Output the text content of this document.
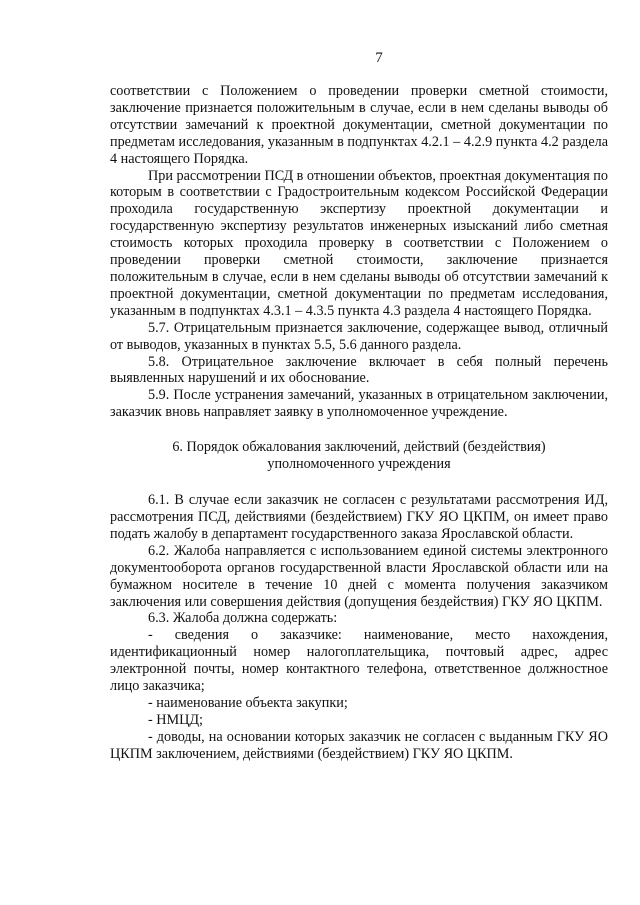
7

соответствии с Положением о проведении проверки сметной стоимости, заключение признается положительным в случае, если в нем сделаны выводы об отсутствии замечаний к проектной документации, сметной документации по предметам исследования, указанным в подпунктах 4.2.1 – 4.2.9 пункта 4.2 раздела 4 настоящего Порядка.

При рассмотрении ПСД в отношении объектов, проектная документация по которым в соответствии с Градостроительным кодексом Российской Федерации проходила государственную экспертизу проектной документации и государственную экспертизу результатов инженерных изысканий либо сметная стоимость которых проходила проверку в соответствии с Положением о проведении проверки сметной стоимости, заключение признается положительным в случае, если в нем сделаны выводы об отсутствии замечаний к проектной документации, сметной документации по предметам исследования, указанным в подпунктах 4.3.1 – 4.3.5 пункта 4.3 раздела 4 настоящего Порядка.

5.7. Отрицательным признается заключение, содержащее вывод, отличный от выводов, указанных в пунктах 5.5, 5.6 данного раздела.

5.8. Отрицательное заключение включает в себя полный перечень выявленных нарушений и их обоснование.

5.9. После устранения замечаний, указанных в отрицательном заключении, заказчик вновь направляет заявку в уполномоченное учреждение.

6. Порядок обжалования заключений, действий (бездействия)
уполномоченного учреждения

6.1. В случае если заказчик не согласен с результатами рассмотрения ИД, рассмотрения ПСД, действиями (бездействием) ГКУ ЯО ЦКПМ, он имеет право подать жалобу в департамент государственного заказа Ярославской области.

6.2. Жалоба направляется с использованием единой системы электронного документооборота органов государственной власти Ярославской области или на бумажном носителе в течение 10 дней с момента получения заказчиком заключения или совершения действия (допущения бездействия) ГКУ ЯО ЦКПМ.

6.3. Жалоба должна содержать:

- сведения о заказчике: наименование, место нахождения, идентификационный номер налогоплательщика, почтовый адрес, адрес электронной почты, номер контактного телефона, ответственное должностное лицо заказчика;

- наименование объекта закупки;

- НМЦД;

- доводы, на основании которых заказчик не согласен с выданным ГКУ ЯО ЦКПМ заключением, действиями (бездействием) ГКУ ЯО ЦКПМ.
